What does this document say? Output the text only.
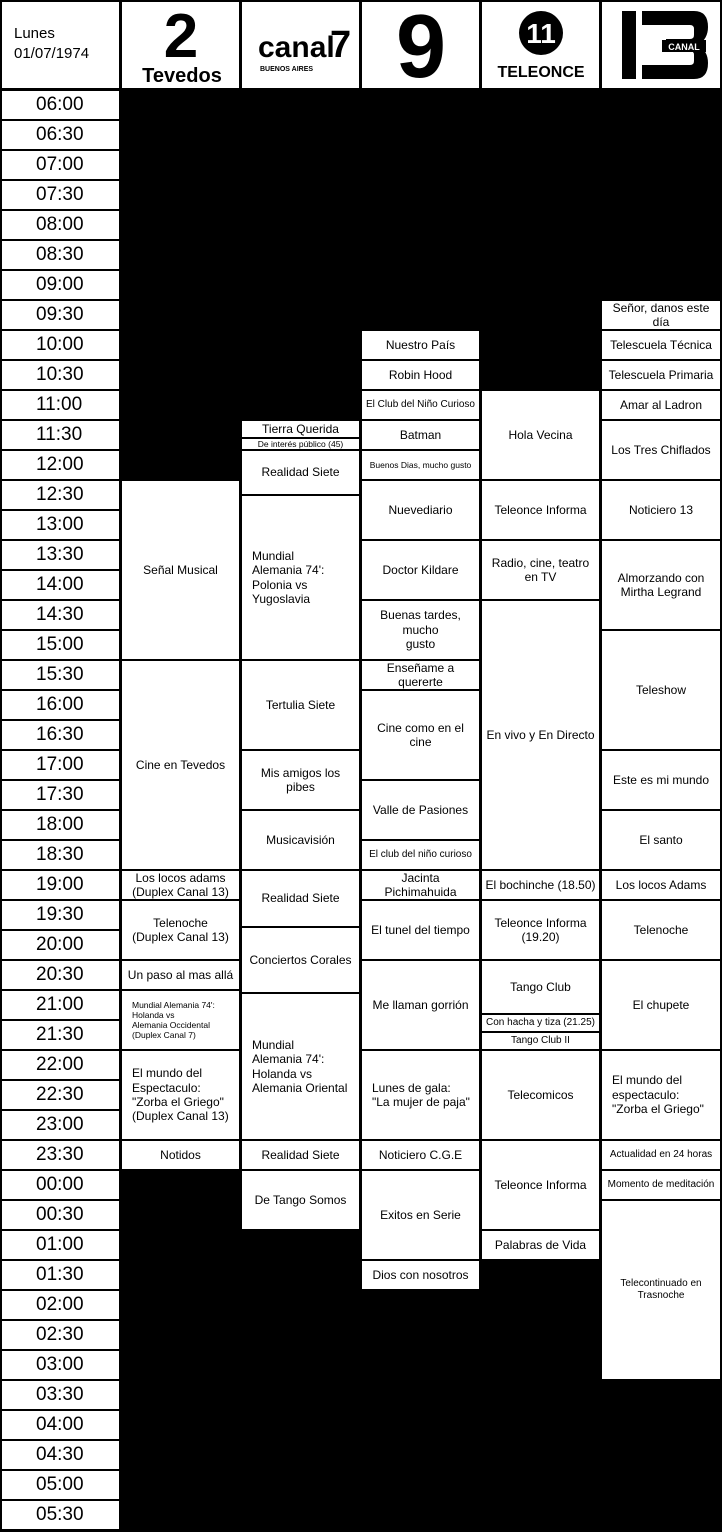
Lunes
01/07/1974	2
Tevedos
canal
7
BUENOS AIRES 9	11
TELEONCE
CANAL
06:00
06:30
07:00
07:30
08:00
08:30
09:00
09:30
10:00
10:30
11:00
11:30
12:00
12:30
13:00
13:30
14:00
14:30
15:00
15:30
16:00
16:30
17:00
17:30
18:00
18:30
19:00
19:30
20:00
20:30
21:00
21:30
22:00
22:30
23:00
23:30
00:00
00:30
01:00
01:30
02:00
02:30
03:00
03:30
04:00
04:30
05:00
05:30
Señal Musical
Cine en Tevedos
Los locos adams
(Duplex Canal 13)
Telenoche
(Duplex Canal 13)
Un paso al mas allá
Mundial Alemania 74':
Holanda vs
Alemania Occidental
(Duplex Canal 7)
El mundo del
Espectaculo:
"Zorba el Griego"
(Duplex Canal 13)
Notidos
Tierra Querida
De interés público (45)
Realidad Siete
Mundial
Alemania 74':
Polonia vs
Yugoslavia
Tertulia Siete
Mis amigos los pibes
Musicavisión
Realidad Siete
Conciertos Corales
Mundial
Alemania 74':
Holanda vs
Alemania Oriental
Realidad Siete
De Tango Somos
Nuestro País
Robin Hood
El Club del Niño Curioso
Batman
Buenos Dias, mucho gusto
Nuevediario
Doctor Kildare
Buenas tardes, mucho
gusto
Enseñame a quererte
Cine como en el cine
Valle de Pasiones
El club del niño curioso
Jacinta Pichimahuida
El tunel del tiempo
Me llaman gorrión
Lunes de gala:
"La mujer de paja"
Noticiero C.G.E
Exitos en Serie
Dios con nosotros
Hola Vecina
Teleonce Informa
Radio, cine, teatro
en TV
En vivo y En Directo
El bochinche (18.50)
Teleonce Informa
(19.20)
Tango Club
Con hacha y tiza (21.25)
Tango Club II
Telecomicos
Teleonce Informa
Palabras de Vida
Señor, danos este día
Telescuela Técnica
Telescuela Primaria
Amar al Ladron
Los Tres Chiflados
Noticiero 13
Almorzando con
Mirtha Legrand
Teleshow
Este es mi mundo
El santo
Los locos Adams
Telenoche
El chupete
El mundo del
espectaculo:
"Zorba el Griego"
Actualidad en 24 horas
Momento de meditación
Telecontinuado en
Trasnoche
